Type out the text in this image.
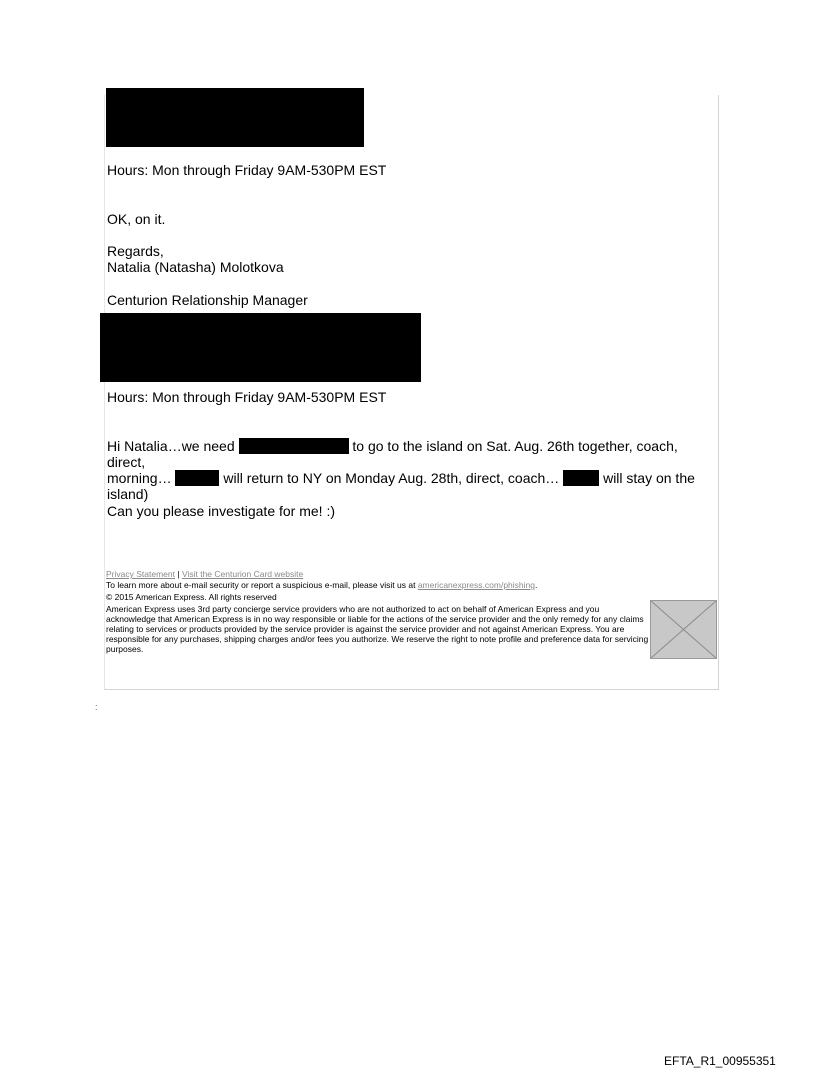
Hours: Mon through Friday 9AM-530PM EST
OK, on it.
Regards,
Natalia (Natasha) Molotkova
Centurion Relationship Manager
Hours: Mon through Friday 9AM-530PM EST
Hi Natalia…we need	to go to the island on Sat. Aug. 26th together, coach, direct,
morning…	will return to NY on Monday Aug. 28th, direct, coach…	will stay on the
island)
Can you please investigate for me! :)
Privacy Statement | Visit the Centurion Card website
To learn more about e-mail security or report a suspicious e-mail, please visit us at americanexpress.com/phishing.
© 2015 American Express. All rights reserved
American Express uses 3rd party concierge service providers who are not authorized to act on behalf of American Express and you acknowledge that American Express is in no way responsible or liable for the actions of the service provider and the only remedy for any claims relating to services or products provided by the service provider is against the service provider and not against American Express. You are responsible for any purchases, shipping charges and/or fees you authorize. We reserve the right to note profile and preference data for servicing purposes.
:
EFTA_R1_00955351
